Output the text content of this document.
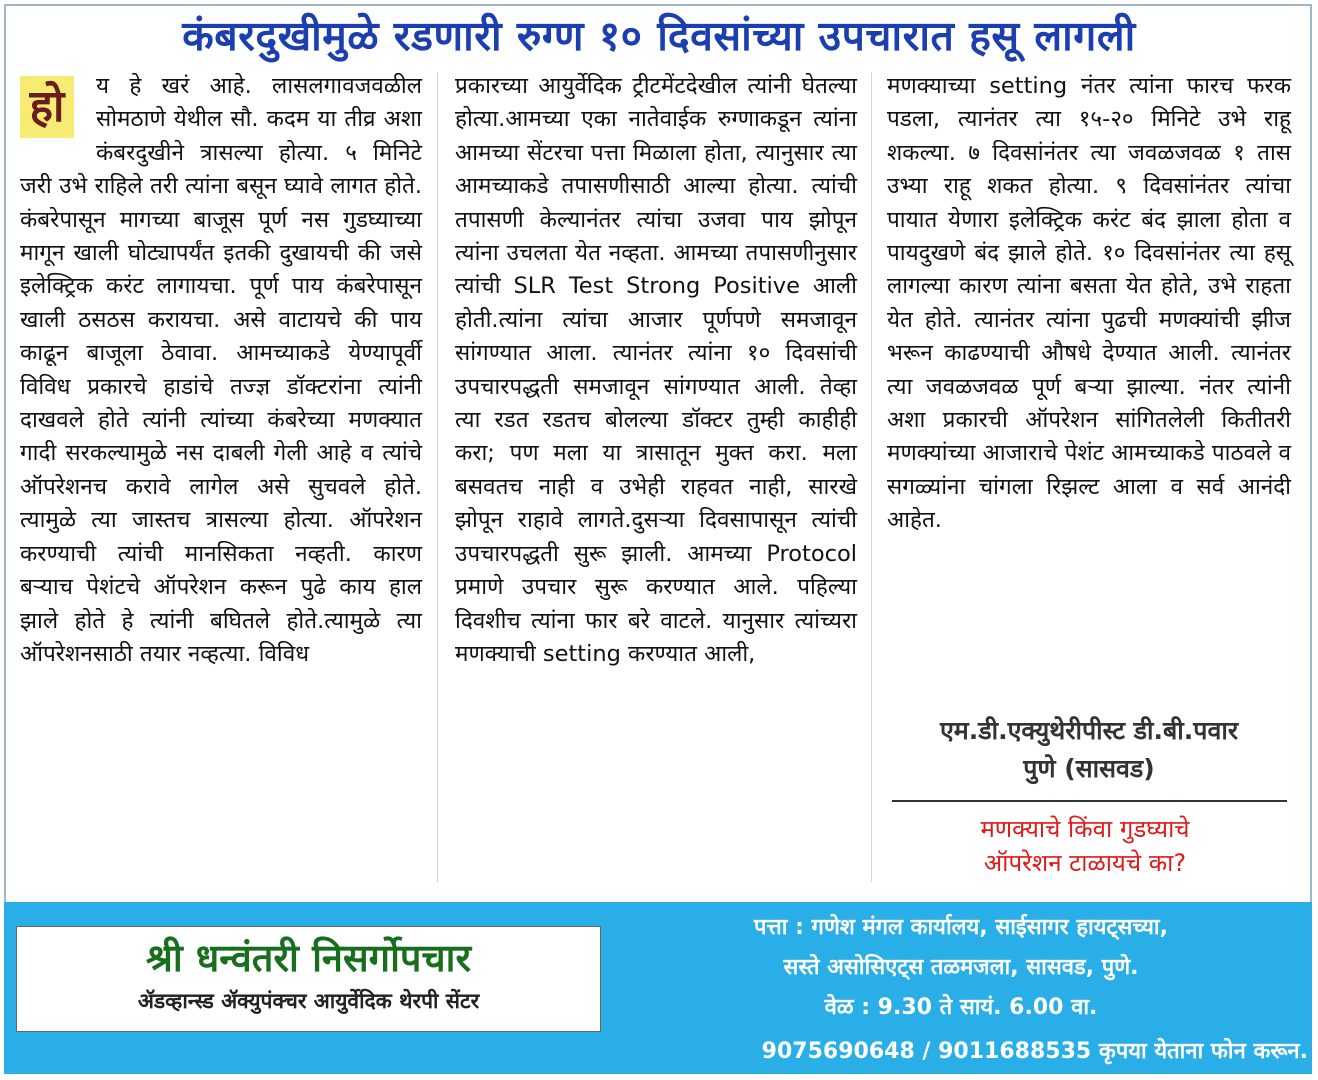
कंबरदुखीमुळे रडणारी रुग्ण १० दिवसांच्या उपचारात हसू लागली
हो	य हे खरं आहे. लासलगावजवळील सोमठाणे येथील सौ. कदम या तीव्र अशा कंबरदुखीने त्रासल्या होत्या. ५ मिनिटे जरी उभे राहिले तरी त्यांना बसून घ्यावे लागत होते. कंबरेपासून मागच्या बाजूस पूर्ण नस गुडघ्याच्या मागून खाली घोट्यापर्यंत इतकी दुखायची की जसे इलेक्ट्रिक करंट लागायचा. पूर्ण पाय कंबरेपासून खाली ठसठस करायचा. असे वाटायचे की पाय काढून बाजूला ठेवावा. आमच्याकडे येण्यापूर्वी विविध प्रकारचे हाडांचे तज्ज्ञ डॉक्टरांना त्यांनी दाखवले होते त्यांनी त्यांच्या कंबरेच्या मणक्यात गादी सरकल्यामुळे नस दाबली गेली आहे व त्यांचे ऑपरेशनच करावे लागेल असे सुचवले होते. त्यामुळे त्या जास्तच त्रासल्या होत्या. ऑपरेशन करण्याची त्यांची मानसिकता नव्हती. कारण बऱ्याच पेशंटचे ऑपरेशन करून पुढे काय हाल झाले होते हे त्यांनी बघितले होते.त्यामुळे त्या ऑपरेशनसाठी तयार नव्हत्या. विविध

प्रकारच्या आयुर्वेदिक ट्रीटमेंटदेखील त्यांनी घेतल्या होत्या.आमच्या एका नातेवाईक रुग्णाकडून त्यांना आमच्या सेंटरचा पत्ता मिळाला होता, त्यानुसार त्या आमच्याकडे तपासणीसाठी आल्या होत्या. त्यांची तपासणी केल्यानंतर त्यांचा उजवा पाय झोपून त्यांना उचलता येत नव्हता. आमच्या तपासणीनुसार त्यांची SLR Test Strong Positive आली होती.त्यांना त्यांचा आजार पूर्णपणे समजावून सांगण्यात आला. त्यानंतर त्यांना १० दिवसांची उपचारपद्धती समजावून सांगण्यात आली. तेव्हा त्या रडत रडतच बोलल्या डॉक्टर तुम्ही काहीही करा; पण मला या त्रासातून मुक्त करा. मला बसवतच नाही व उभेही राहवत नाही, सारखे झोपून राहावे लागते.दुसऱ्या दिवसापासून त्यांची उपचारपद्धती सुरू झाली. आमच्या Protocol प्रमाणे उपचार सुरू करण्यात आले. पहिल्या दिवशीच त्यांना फार बरे वाटले. यानुसार त्यांच्यरा मणक्याची setting करण्यात आली,

मणक्याच्या setting नंतर त्यांना फारच फरक पडला, त्यानंतर त्या १५-२० मिनिटे उभे राहू शकल्या. ७ दिवसांनंतर त्या जवळजवळ १ तास उभ्या राहू शकत होत्या. ९ दिवसांनंतर त्यांचा पायात येणारा इलेक्ट्रिक करंट बंद झाला होता व पायदुखणे बंद झाले होते. १० दिवसांनंतर त्या हसू लागल्या कारण त्यांना बसता येत होते, उभे राहता येत होते. त्यानंतर त्यांना पुढची मणक्यांची झीज भरून काढण्याची औषधे देण्यात आली. त्यानंतर त्या जवळजवळ पूर्ण बऱ्या झाल्या. नंतर त्यांनी अशा प्रकारची ऑपरेशन सांगितलेली कितीतरी मणक्यांच्या आजाराचे पेशंट आमच्याकडे पाठवले व सगळ्यांना चांगला रिझल्ट आला व सर्व आनंदी आहेत.

एम.डी.एक्युथेरीपीस्ट डी.बी.पवार
पुणे (सासवड)
मणक्याचे किंवा गुडघ्याचे
ऑपरेशन टाळायचे का?
श्री धन्वंतरी निसर्गोपचार
ॲडव्हान्स्ड ॲक्युपंक्चर आयुर्वेदिक थेरपी सेंटर
पत्ता : गणेश मंगल कार्यालय, साईसागर हायट्सच्या,
सस्ते असोसिएट्स तळमजला, सासवड, पुणे.
वेळ : 9.30 ते सायं. 6.00 वा.
9075690648 / 9011688535 कृपया येताना फोन करून.
